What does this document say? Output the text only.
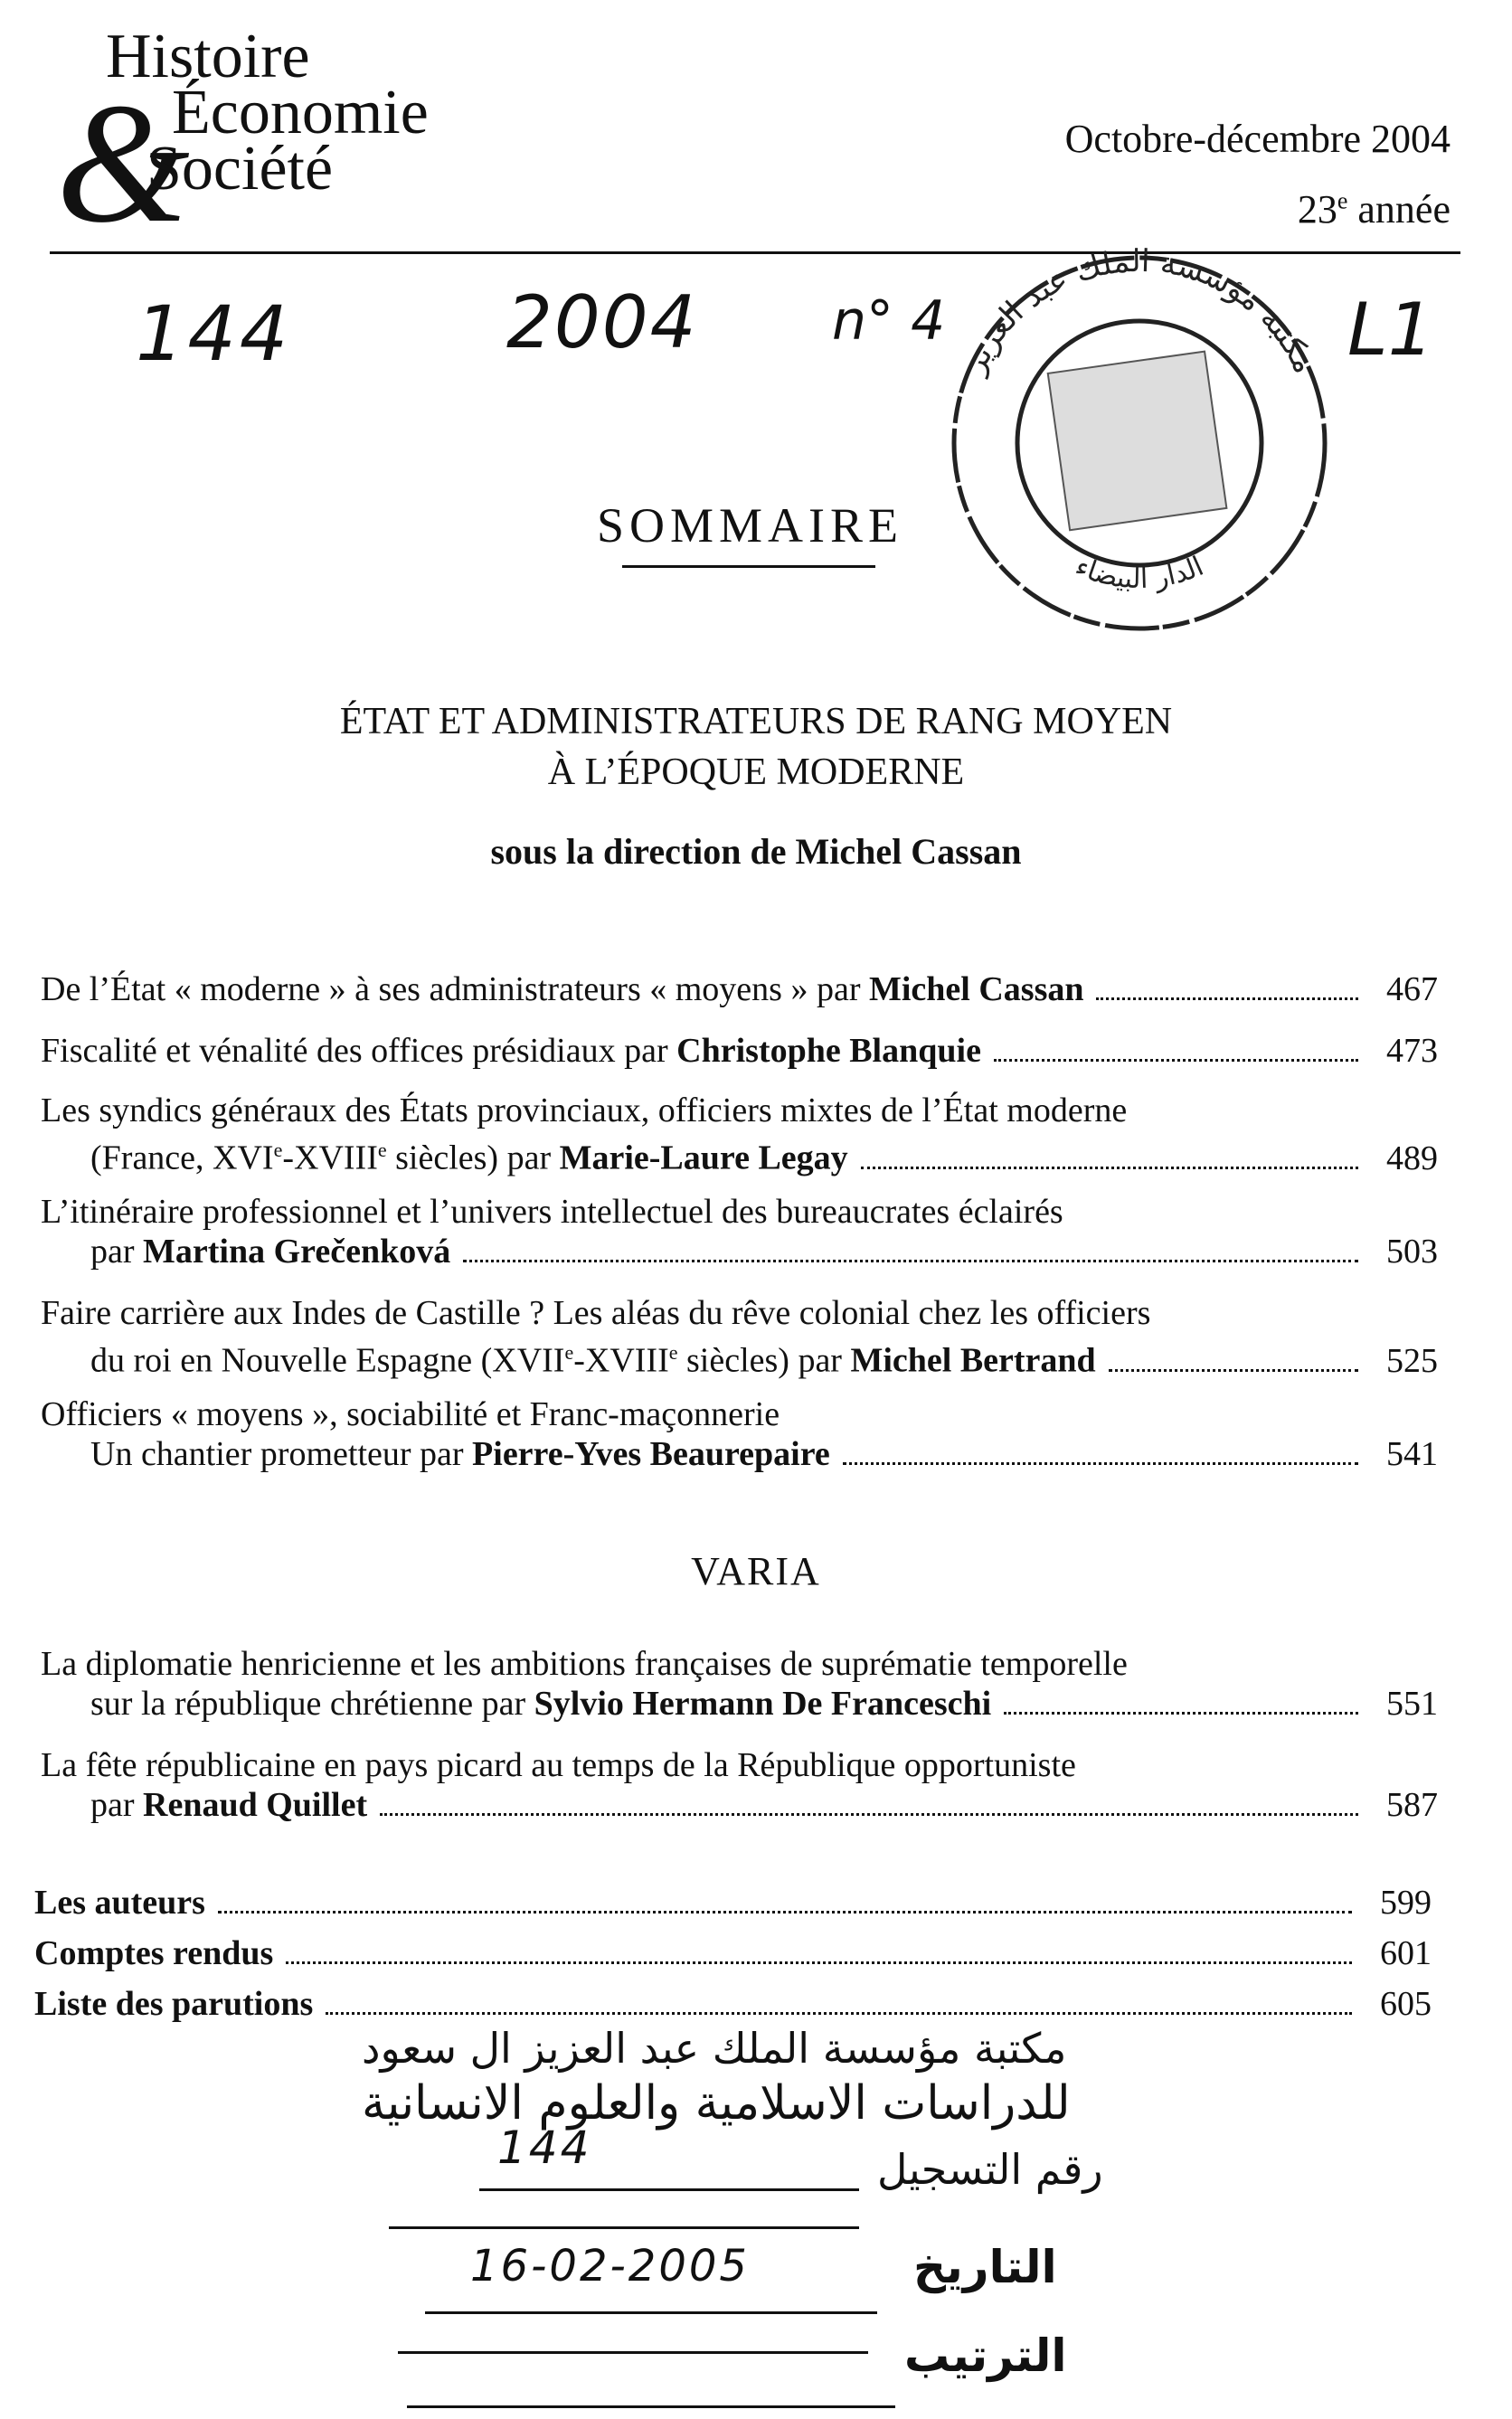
&
Histoire
Économie
Société	Octobre-décembre 2004
23e année
144	2004 n° 4	L1
مكتبة مؤسسة الملك عبد العزيز
الدار البيضاء
SOMMAIRE
ÉTAT ET ADMINISTRATEURS DE RANG MOYEN
À L’ÉPOQUE MODERNE
sous la direction de Michel Cassan
De l’État « moderne » à ses administrateurs « moyens » par Michel Cassan	467
Fiscalité et vénalité des offices présidiaux par Christophe Blanquie	473
Les syndics généraux des États provinciaux, officiers mixtes de l’État moderne
(France, XVIe-XVIIIe siècles) par Marie-Laure Legay	489
L’itinéraire professionnel et l’univers intellectuel des bureaucrates éclairés
par Martina Grečenková	503
Faire carrière aux Indes de Castille ? Les aléas du rêve colonial chez les officiers
du roi en Nouvelle Espagne (XVIIe-XVIIIe siècles) par Michel Bertrand	525
Officiers « moyens », sociabilité et Franc-maçonnerie
Un chantier prometteur par Pierre-Yves Beaurepaire	541
VARIA
La diplomatie henricienne et les ambitions françaises de suprématie temporelle
sur la république chrétienne par Sylvio Hermann De Franceschi	551
La fête républicaine en pays picard au temps de la République opportuniste
par Renaud Quillet	587
Les auteurs	599
Comptes rendus	601
Liste des parutions	605
مكتبة مؤسسة الملك عبد العزيز ال سعود
للدراسات الاسلامية والعلوم الانسانية
رقم التسجيل
144
التاريخ
16-02-2005
الترتيب
